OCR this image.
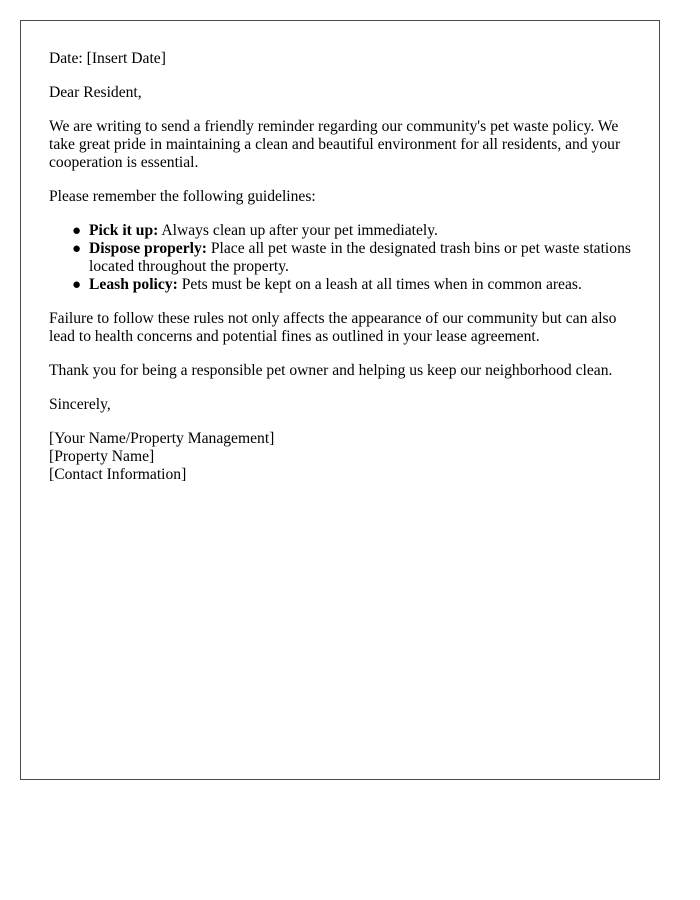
Date: [Insert Date]

Dear Resident,

We are writing to send a friendly reminder regarding our community's pet waste policy. We take great pride in maintaining a clean and beautiful environment for all residents, and your cooperation is essential.

Please remember the following guidelines:

● Pick it up: Always clean up after your pet immediately.
● Dispose properly: Place all pet waste in the designated trash bins or pet waste stations located throughout the property.
● Leash policy: Pets must be kept on a leash at all times when in common areas.

Failure to follow these rules not only affects the appearance of our community but can also lead to health concerns and potential fines as outlined in your lease agreement.

Thank you for being a responsible pet owner and helping us keep our neighborhood clean.

Sincerely,

[Your Name/Property Management]
[Property Name]
[Contact Information]
